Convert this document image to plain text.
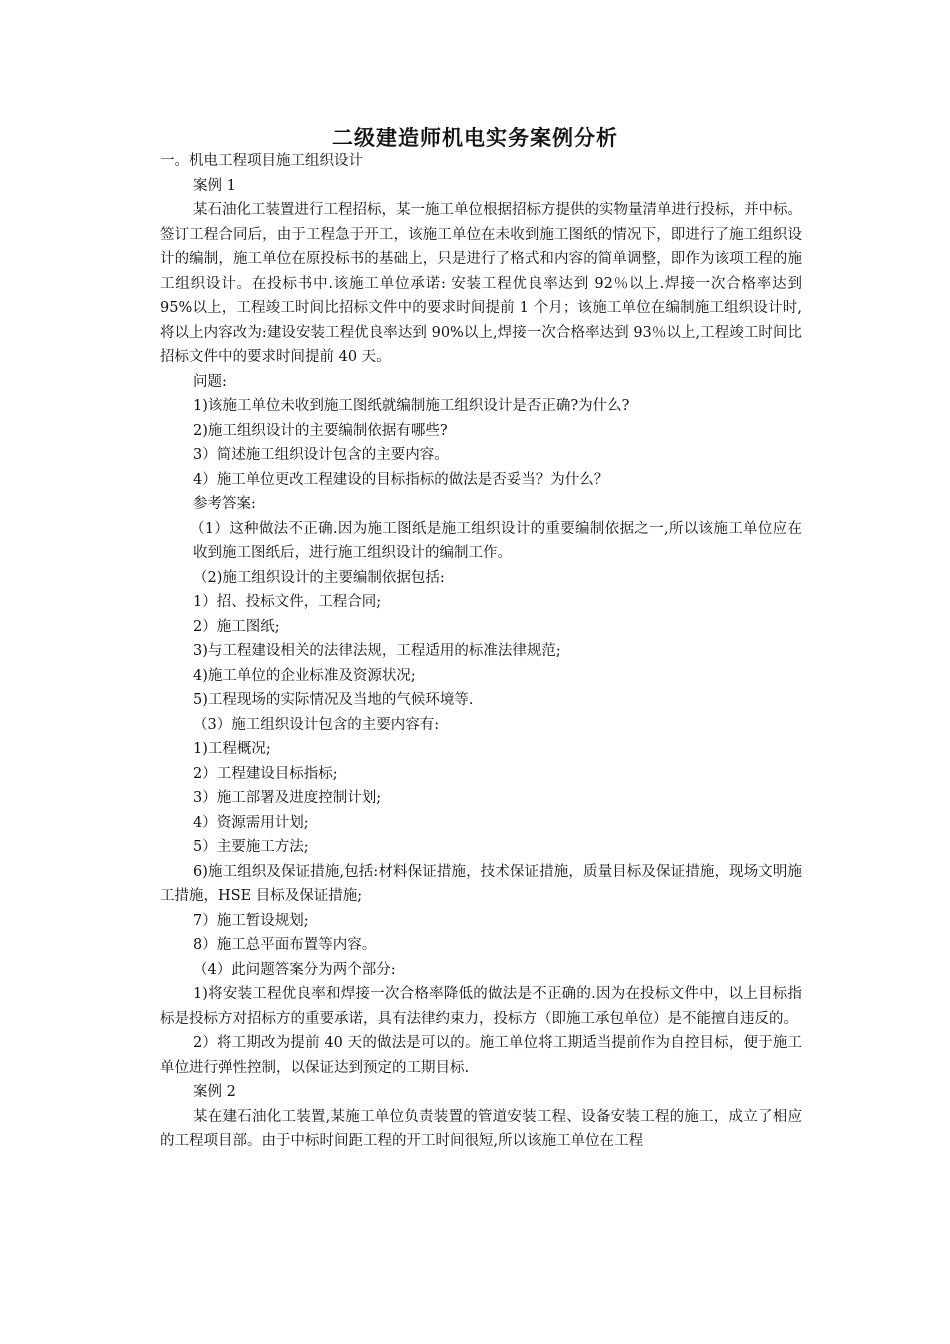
二级建造师机电实务案例分析

一。机电工程项目施工组织设计

案例 1

某石油化工装置进行工程招标，某一施工单位根据招标方提供的实物量清单进行投标，并中标。签订工程合同后，由于工程急于开工，该施工单位在未收到施工图纸的情况下，即进行了施工组织设计的编制，施工单位在原投标书的基础上，只是进行了格式和内容的简单调整，即作为该项工程的施工组织设计。在投标书中.该施工单位承诺: 安装工程优良率达到 92％以上.焊接一次合格率达到 95%以上，工程竣工时间比招标文件中的要求时间提前 1 个月；该施工单位在编制施工组织设计时,将以上内容改为:建设安装工程优良率达到 90%以上,焊接一次合格率达到 93％以上,工程竣工时间比招标文件中的要求时间提前 40 天。

问题:

1)该施工单位未收到施工图纸就编制施工组织设计是否正确?为什么?

2)施工组织设计的主要编制依据有哪些?

3）简述施工组织设计包含的主要内容。

4）施工单位更改工程建设的目标指标的做法是否妥当？为什么？

参考答案:

（1）这种做法不正确.因为施工图纸是施工组织设计的重要编制依据之一,所以该施工单位应在收到施工图纸后，进行施工组织设计的编制工作。

（2)施工组织设计的主要编制依据包括:

1）招、投标文件，工程合同;

2）施工图纸;

3)与工程建设相关的法律法规，工程适用的标准法律规范;

4)施工单位的企业标准及资源状况;

5)工程现场的实际情况及当地的气候环境等.

（3）施工组织设计包含的主要内容有:

1)工程概况;

2）工程建设目标指标;

3）施工部署及进度控制计划;

4）资源需用计划;

5）主要施工方法;

6)施工组织及保证措施,包括:材料保证措施，技术保证措施，质量目标及保证措施，现场文明施工措施，HSE 目标及保证措施;

7）施工暂设规划;

8）施工总平面布置等内容。

（4）此问题答案分为两个部分:

1)将安装工程优良率和焊接一次合格率降低的做法是不正确的.因为在投标文件中，以上目标指标是投标方对招标方的重要承诺，具有法律约束力，投标方（即施工承包单位）是不能擅自违反的。

2）将工期改为提前 40 天的做法是可以的。施工单位将工期适当提前作为自控目标，便于施工单位进行弹性控制，以保证达到预定的工期目标.

案例 2

某在建石油化工装置,某施工单位负责装置的管道安装工程、设备安装工程的施工，成立了相应的工程项目部。由于中标时间距工程的开工时间很短,所以该施工单位在工程
